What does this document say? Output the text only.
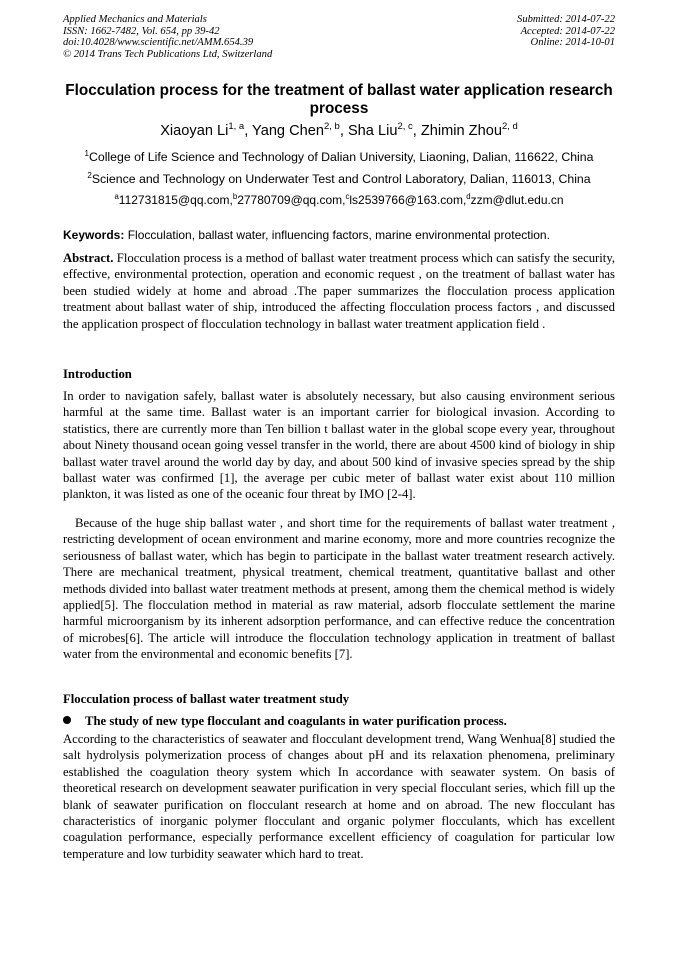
Applied Mechanics and Materials
ISSN: 1662-7482, Vol. 654, pp 39-42
doi:10.4028/www.scientific.net/AMM.654.39
© 2014 Trans Tech Publications Ltd, Switzerland
Submitted: 2014-07-22
Accepted: 2014-07-22
Online: 2014-10-01
Flocculation process for the treatment of ballast water application research process
Xiaoyan Li$^{1, a}$, Yang Chen$^{2, b}$, Sha Liu$^{2, c}$, Zhimin Zhou$^{2, d}$
$^1$College of Life Science and Technology of Dalian University, Liaoning, Dalian, 116622, China
$^2$Science and Technology on Underwater Test and Control Laboratory, Dalian, 116013, China
$^a$112731815@qq.com,$^b$27780709@qq.com,$^c$ls2539766@163.com,$^d$zzm@dlut.edu.cn
Keywords: Flocculation, ballast water, influencing factors, marine environmental protection.
Abstract. Flocculation process is a method of ballast water treatment process which can satisfy the security, effective, environmental protection, operation and economic request , on the treatment of ballast water has been studied widely at home and abroad .The paper summarizes the flocculation process application treatment about ballast water of ship, introduced the affecting flocculation process factors , and discussed the application prospect of flocculation technology in ballast water treatment application field .
Introduction
In order to navigation safely, ballast water is absolutely necessary, but also causing environment serious harmful at the same time. Ballast water is an important carrier for biological invasion. According to statistics, there are currently more than Ten billion t ballast water in the global scope every year, throughout about Ninety thousand ocean going vessel transfer in the world, there are about 4500 kind of biology in ship ballast water travel around the world day by day, and about 500 kind of invasive species spread by the ship ballast water was confirmed [1], the average per cubic meter of ballast water exist about 110 million plankton, it was listed as one of the oceanic four threat by IMO [2-4].
Because of the huge ship ballast water , and short time for the requirements of ballast water treatment , restricting development of ocean environment and marine economy, more and more countries recognize the seriousness of ballast water, which has begin to participate in the ballast water treatment research actively. There are mechanical treatment, physical treatment, chemical treatment, quantitative ballast and other methods divided into ballast water treatment methods at present, among them the chemical method is widely applied[5]. The flocculation method in material as raw material, adsorb flocculate settlement the marine harmful microorganism by its inherent adsorption performance, and can effective reduce the concentration of microbes[6]. The article will introduce the flocculation technology application in treatment of ballast water from the environmental and economic benefits [7].
Flocculation process of ballast water treatment study
The study of new type flocculant and coagulants in water purification process.
According to the characteristics of seawater and flocculant development trend, Wang Wenhua[8] studied the salt hydrolysis polymerization process of changes about pH and its relaxation phenomena, preliminary established the coagulation theory system which In accordance with seawater system. On basis of theoretical research on development seawater purification in very special flocculant series, which fill up the blank of seawater purification on flocculant research at home and on abroad. The new flocculant has characteristics of inorganic polymer flocculant and organic polymer flocculants, which has excellent coagulation performance, especially performance excellent efficiency of coagulation for particular low temperature and low turbidity seawater which hard to treat.
